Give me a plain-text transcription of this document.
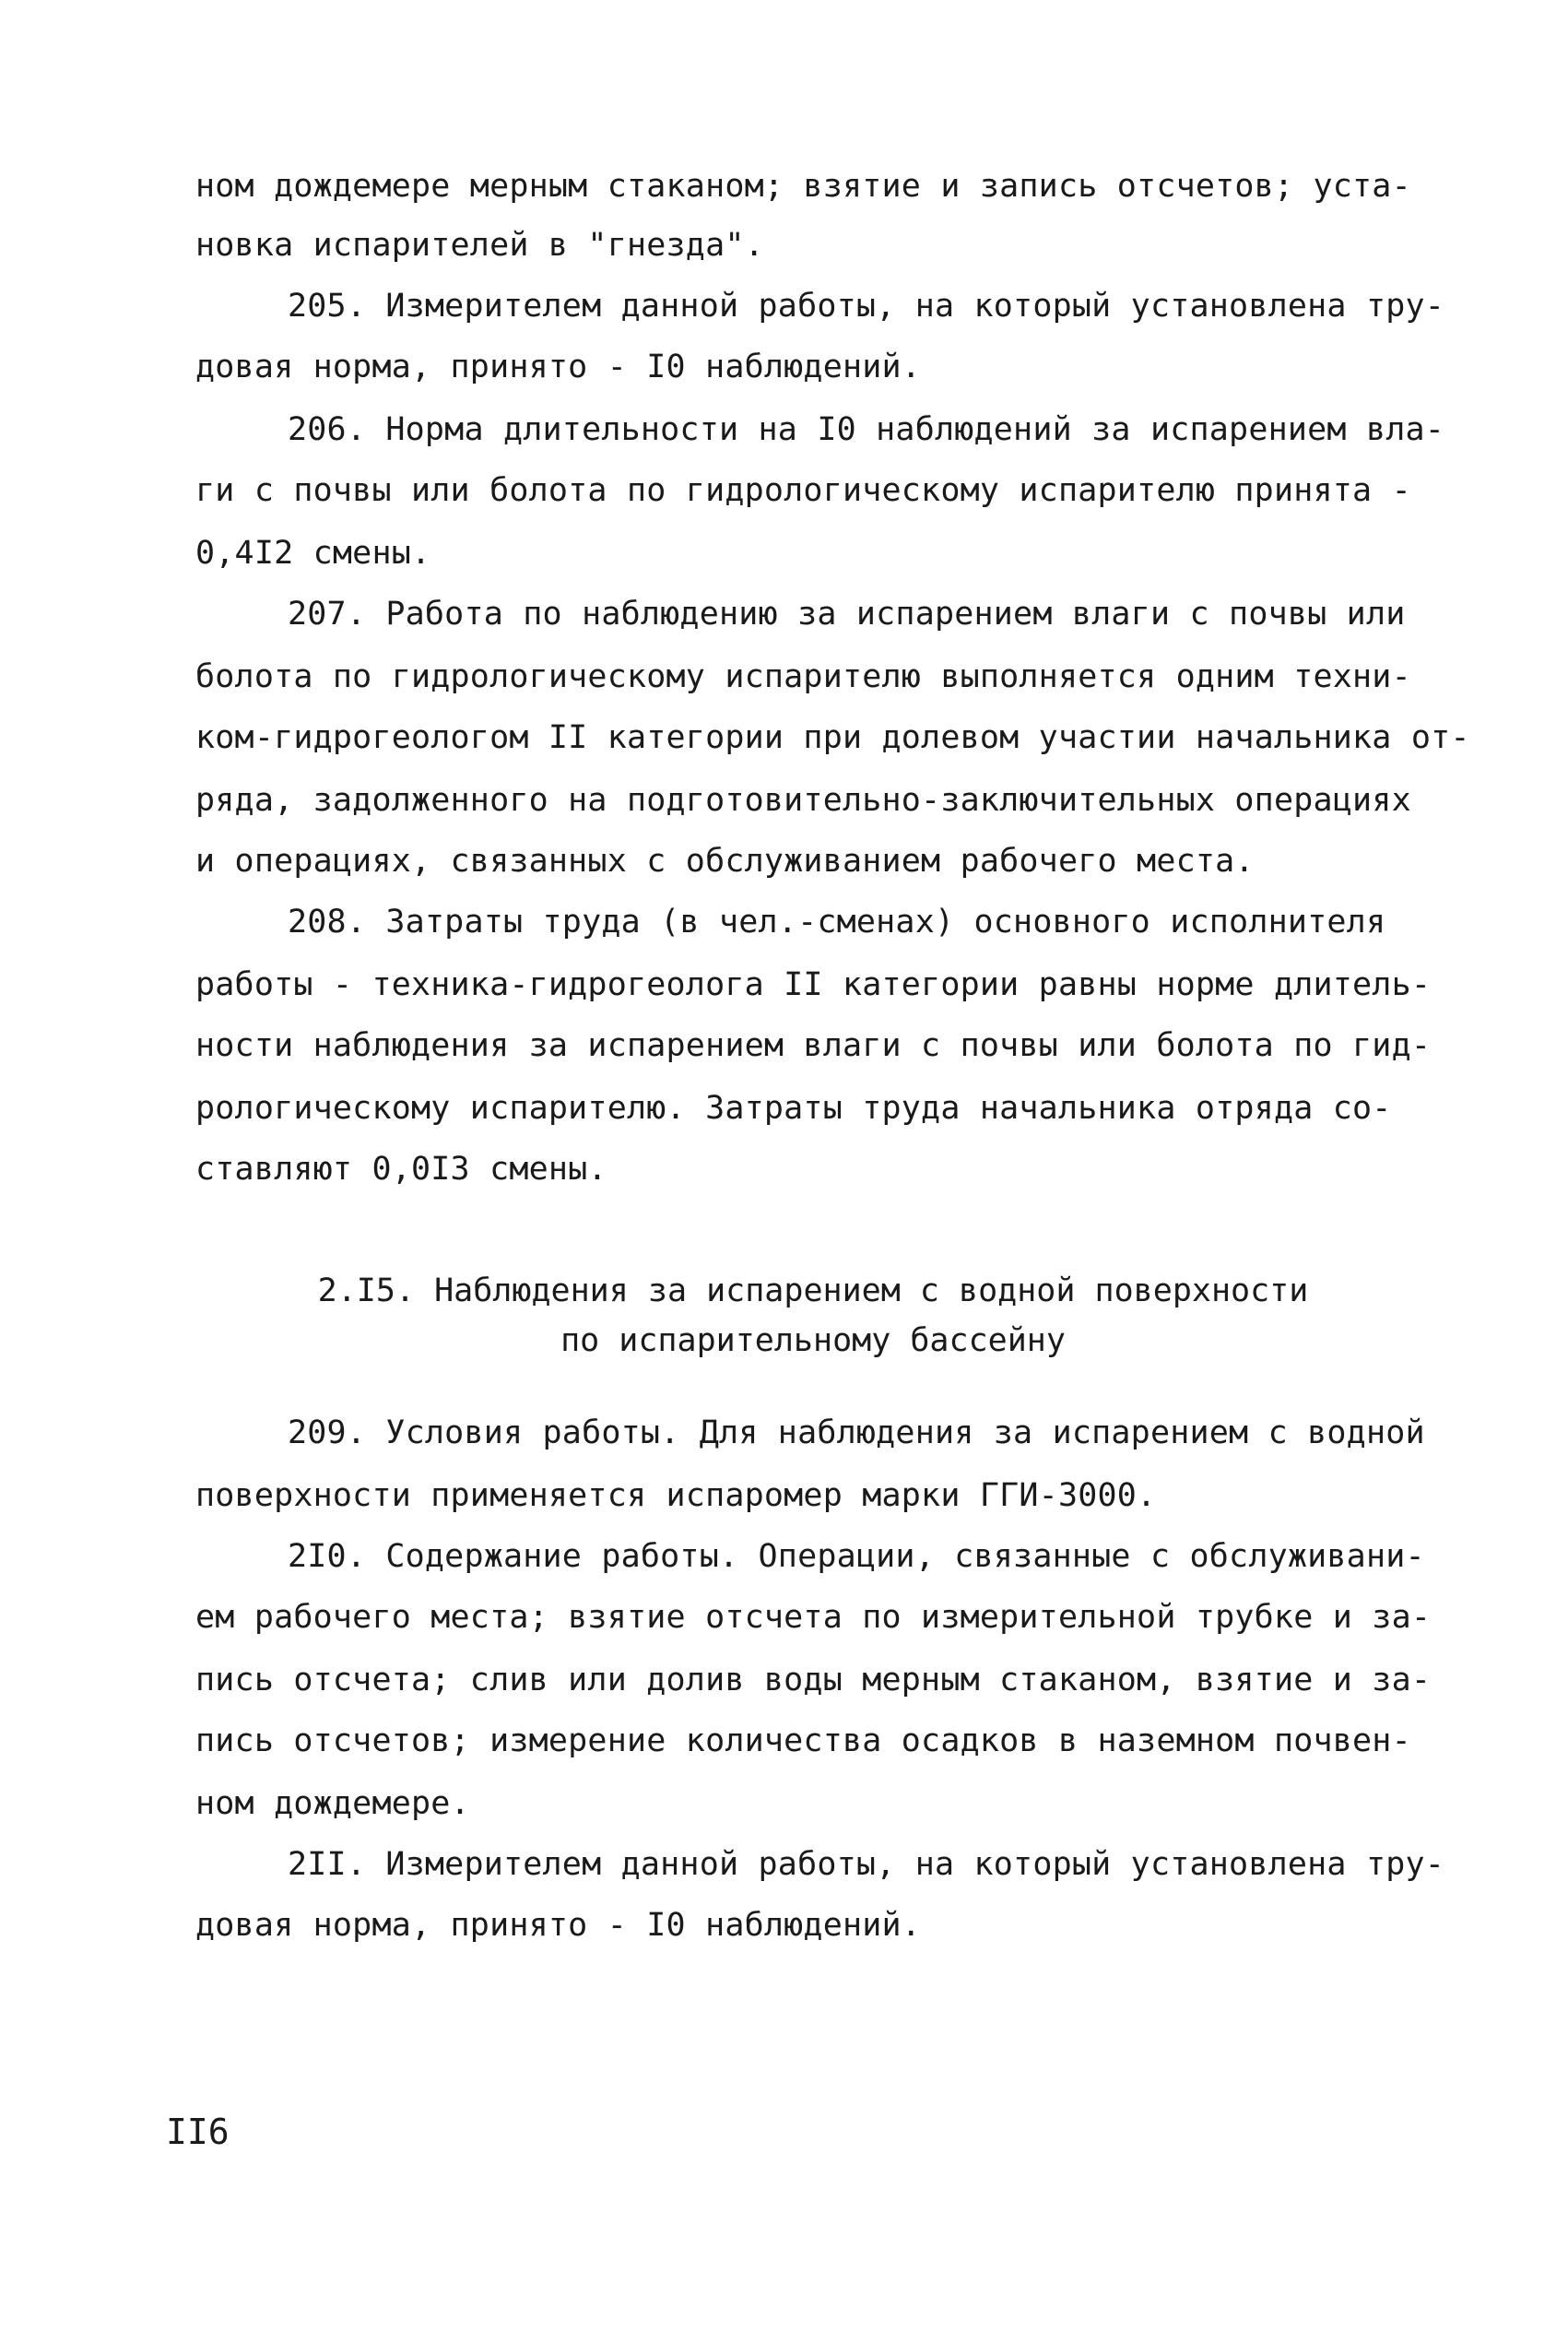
ном дождемере мерным стаканом; взятие и запись отсчетов; уста-
новка испарителей в "гнезда".
205. Измерителем данной работы, на который установлена тру-
довая норма, принято - I0 наблюдений.
206. Норма длительности на I0 наблюдений за испарением вла-
ги с почвы или болота по гидрологическому испарителю принята -
0,4I2 смены.
207. Работа по наблюдению за испарением влаги с почвы или
болота по гидрологическому испарителю выполняется одним техни-
ком-гидрогеологом II категории при долевом участии начальника от-
ряда, задолженного на подготовительно-заключительных операциях
и операциях, связанных с обслуживанием рабочего места.
208. Затраты труда (в чел.-сменах) основного исполнителя
работы - техника-гидрогеолога II категории равны норме длитель-
ности наблюдения за испарением влаги с почвы или болота по гид-
рологическому испарителю. Затраты труда начальника отряда со-
ставляют 0,0I3 смены.
2.I5. Наблюдения за испарением с водной поверхности
по испарительному бассейну
209. Условия работы. Для наблюдения за испарением с водной
поверхности применяется испаромер марки ГГИ-3000.
2I0. Содержание работы. Операции, связанные с обслуживани-
ем рабочего места; взятие отсчета по измерительной трубке и за-
пись отсчета; слив или долив воды мерным стаканом, взятие и за-
пись отсчетов; измерение количества осадков в наземном почвен-
ном дождемере.
2II. Измерителем данной работы, на который установлена тру-
довая норма, принято - I0 наблюдений.
II6
